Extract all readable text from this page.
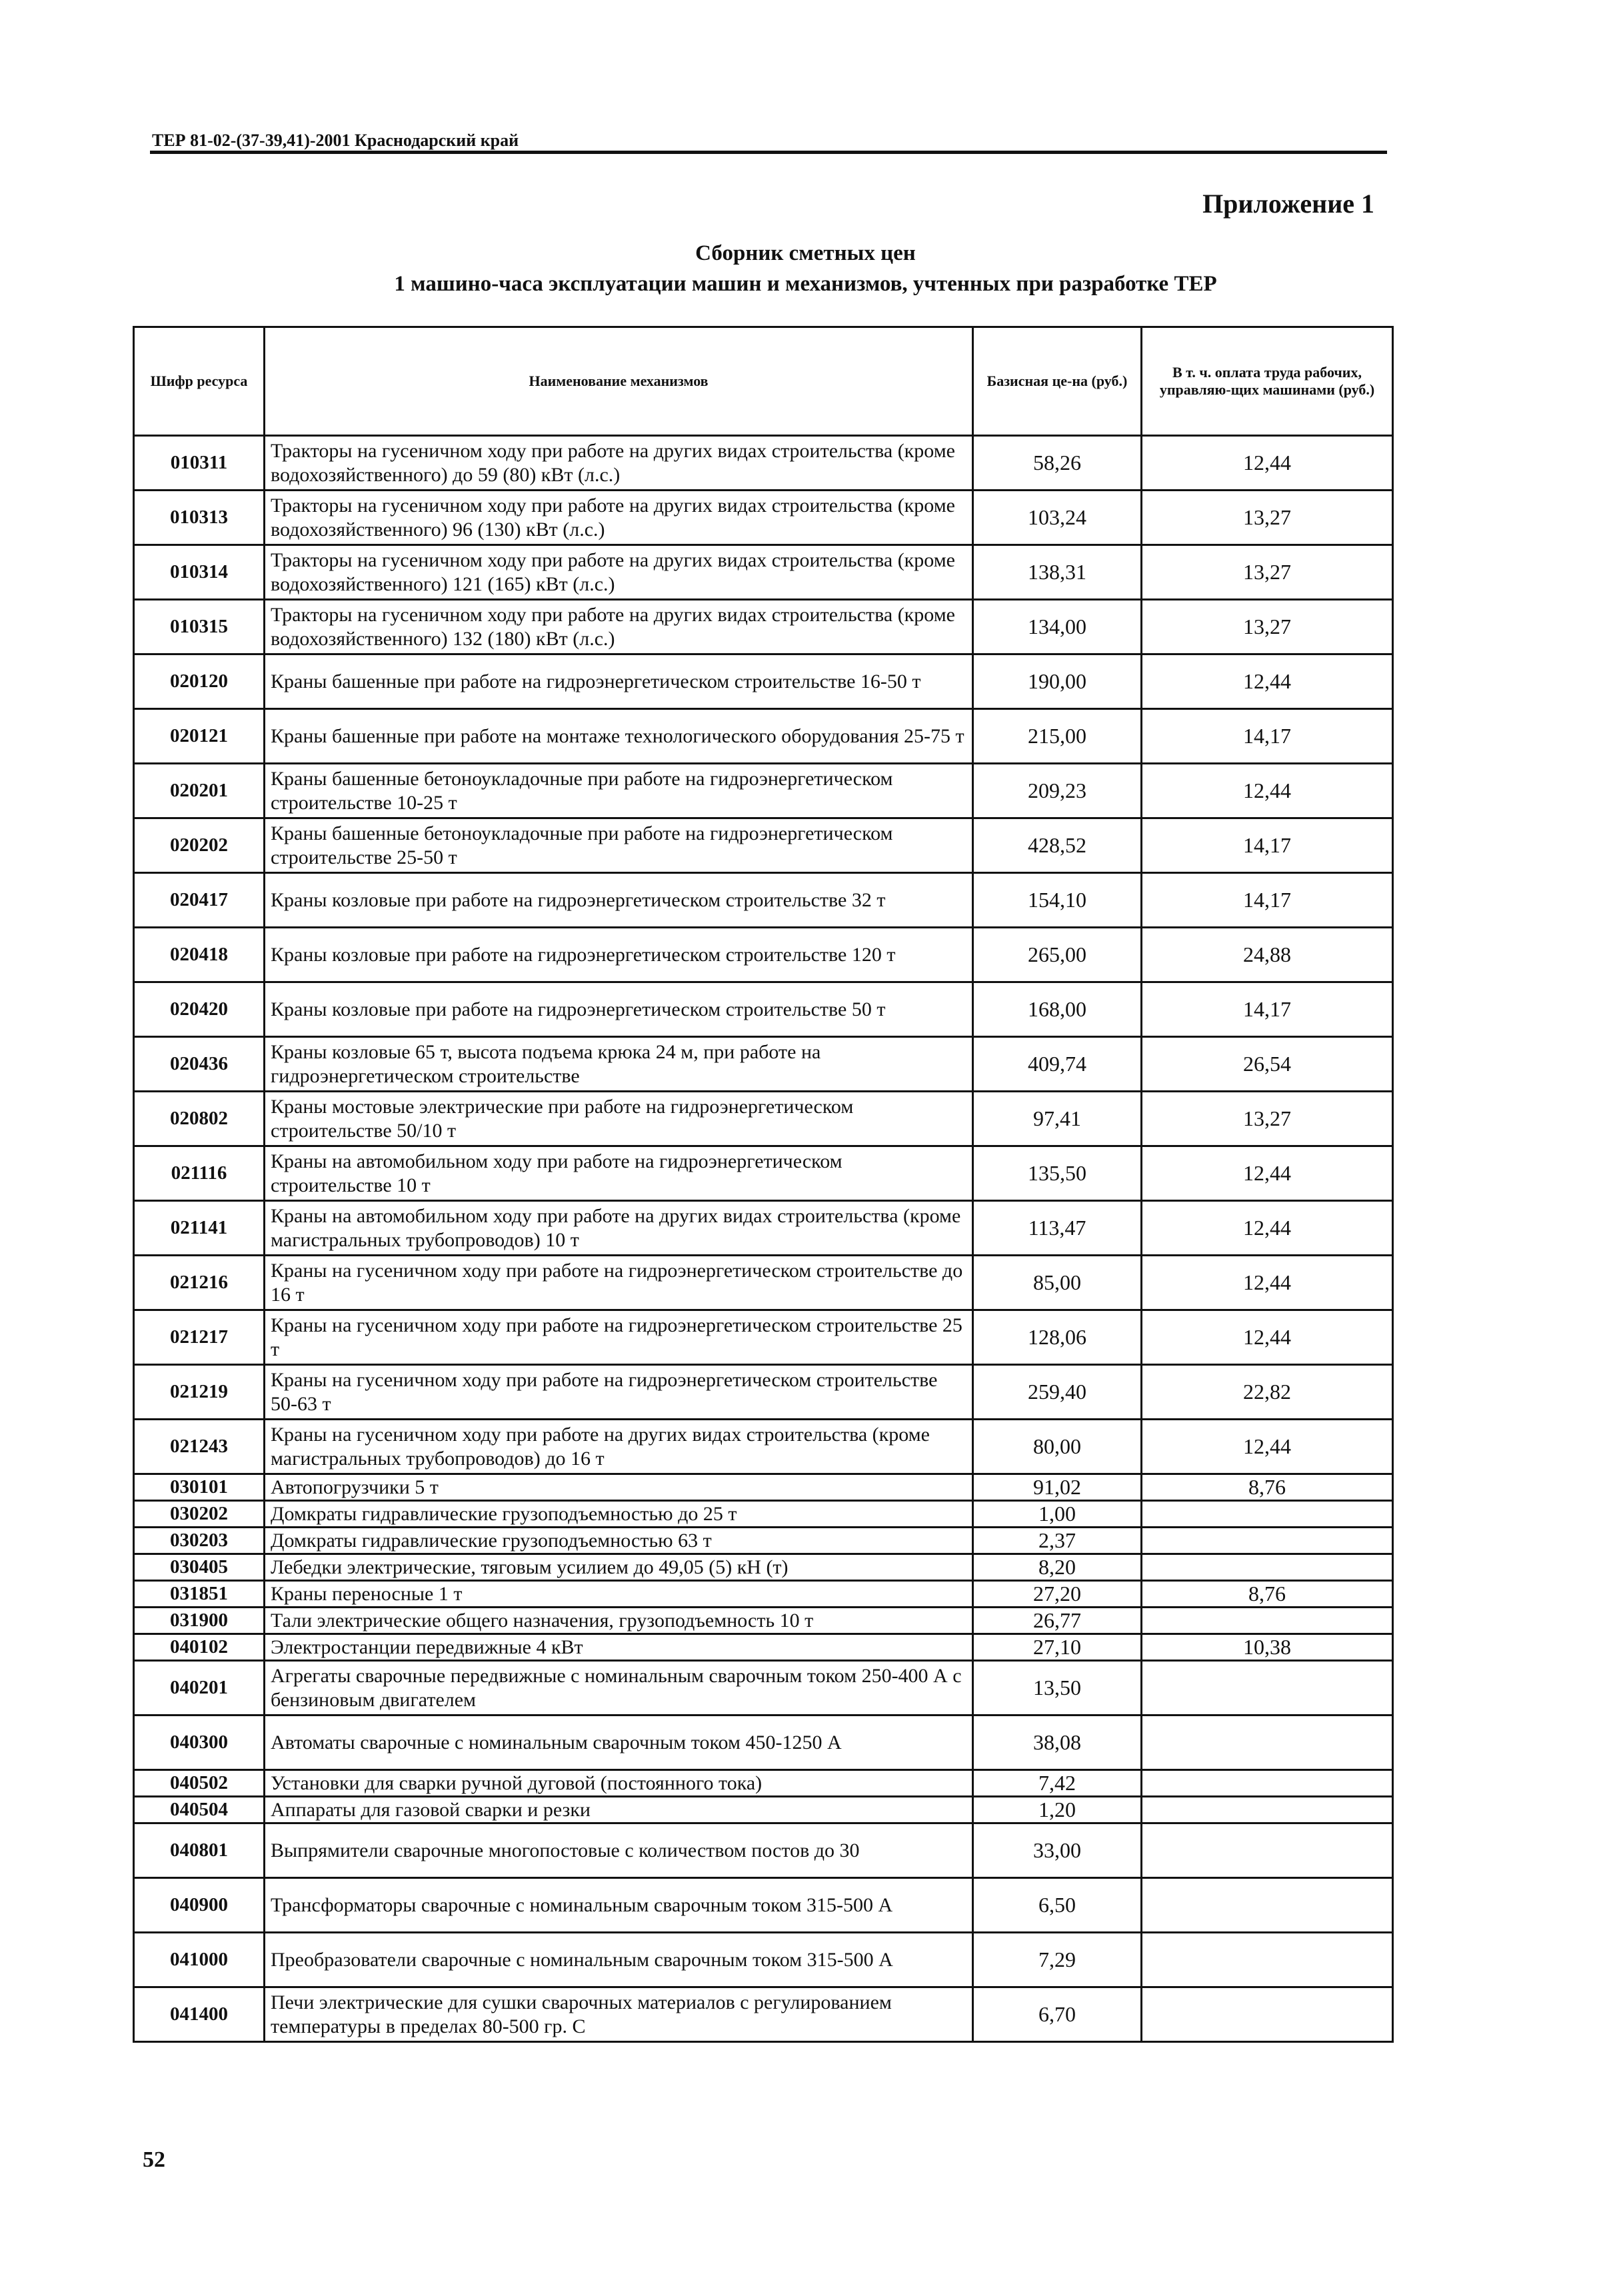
ТЕР 81-02-(37-39,41)-2001 Краснодарский край
Приложение 1
Сборник сметных цен
1 машино-часа эксплуатации машин и механизмов, учтенных при разработке ТЕР
Шифр ресурса	Наименование механизмов	Базисная це-на (руб.)	В т. ч. оплата труда рабочих, управляю-щих машинами (руб.)
010311	Тракторы на гусеничном ходу при работе на других видах строительства (кроме водохозяйственного) до 59 (80) кВт (л.с.)	58,26	12,44
010313	Тракторы на гусеничном ходу при работе на других видах строительства (кроме водохозяйственного) 96 (130) кВт (л.с.)	103,24	13,27
010314	Тракторы на гусеничном ходу при работе на других видах строительства (кроме водохозяйственного) 121 (165) кВт (л.с.)	138,31	13,27
010315	Тракторы на гусеничном ходу при работе на других видах строительства (кроме водохозяйственного) 132 (180) кВт (л.с.)	134,00	13,27
020120	Краны башенные при работе на гидроэнергетическом строительстве 16-50 т	190,00	12,44
020121	Краны башенные при работе на монтаже технологического оборудования 25-75 т	215,00	14,17
020201	Краны башенные бетоноукладочные при работе на гидроэнергетическом строительстве 10-25 т	209,23	12,44
020202	Краны башенные бетоноукладочные при работе на гидроэнергетическом строительстве 25-50 т	428,52	14,17
020417	Краны козловые при работе на гидроэнергетическом строительстве 32 т	154,10	14,17
020418	Краны козловые при работе на гидроэнергетическом строительстве 120 т	265,00	24,88
020420	Краны козловые при работе на гидроэнергетическом строительстве 50 т	168,00	14,17
020436	Краны козловые 65 т, высота подъема крюка 24 м, при работе на гидроэнергетическом строительстве	409,74	26,54
020802	Краны мостовые электрические при работе на гидроэнергетическом строительстве 50/10 т	97,41	13,27
021116	Краны на автомобильном ходу при работе на гидроэнергетическом строительстве 10 т	135,50	12,44
021141	Краны на автомобильном ходу при работе на других видах строительства (кроме магистральных трубопроводов) 10 т	113,47	12,44
021216	Краны на гусеничном ходу при работе на гидроэнергетическом строительстве до 16 т	85,00	12,44
021217	Краны на гусеничном ходу при работе на гидроэнергетическом строительстве 25 т	128,06	12,44
021219	Краны на гусеничном ходу при работе на гидроэнергетическом строительстве 50-63 т	259,40	22,82
021243	Краны на гусеничном ходу при работе на других видах строительства (кроме магистральных трубопроводов) до 16 т	80,00	12,44
030101	Автопогрузчики 5 т	91,02	8,76
030202	Домкраты гидравлические грузоподъемностью до 25 т	1,00	
030203	Домкраты гидравлические грузоподъемностью 63 т	2,37	
030405	Лебедки электрические, тяговым усилием до 49,05 (5) кН (т)	8,20	
031851	Краны переносные 1 т	27,20	8,76
031900	Тали электрические общего назначения, грузоподъемность 10 т	26,77	
040102	Электростанции передвижные 4 кВт	27,10	10,38
040201	Агрегаты сварочные передвижные с номинальным сварочным током 250-400 А с бензиновым двигателем	13,50	
040300	Автоматы сварочные с номинальным сварочным током 450-1250 А	38,08	
040502	Установки для сварки ручной дуговой (постоянного тока)	7,42	
040504	Аппараты для газовой сварки и резки	1,20	
040801	Выпрямители сварочные многопостовые с количеством постов до 30	33,00	
040900	Трансформаторы сварочные с номинальным сварочным током 315-500 А	6,50	
041000	Преобразователи сварочные с номинальным сварочным током 315-500 А	7,29	
041400	Печи электрические для сушки сварочных материалов с регулированием температуры в пределах 80-500 гр. С	6,70	
52
